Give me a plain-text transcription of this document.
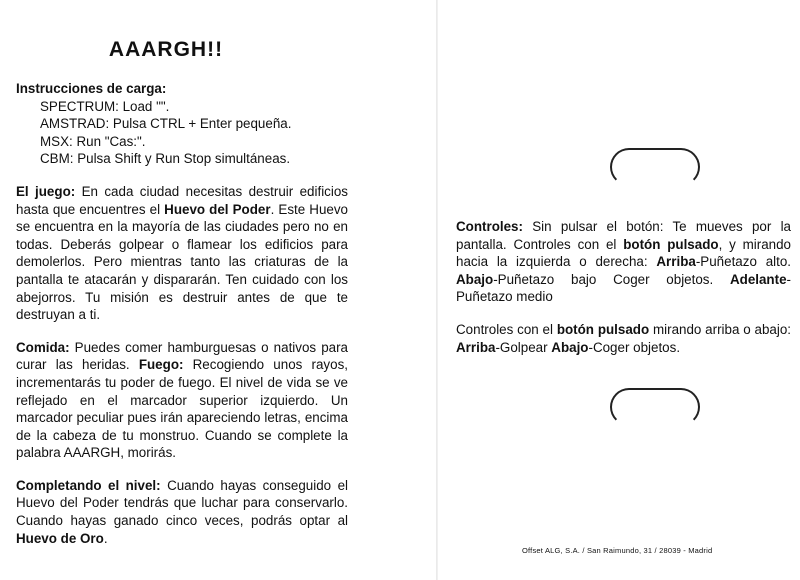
AAARGH!!
Instrucciones de carga:
SPECTRUM: Load "".
AMSTRAD: Pulsa CTRL + Enter pequeña.
MSX: Run "Cas:".
CBM: Pulsa Shift y Run Stop simultáneas.

El juego: En cada ciudad necesitas destruir edificios hasta que encuentres el Huevo del Poder. Este Huevo se encuentra en la mayoría de las ciudades pero no en todas. Deberás golpear o flamear los edificios para demolerlos. Pero mientras tanto las criaturas de la pantalla te atacarán y dispararán. Ten cuidado con los abejorros. Tu misión es destruir antes de que te destruyan a ti.

Comida: Puedes comer hamburguesas o nativos para curar las heridas. Fuego: Recogiendo unos rayos, incrementarás tu poder de fuego. El nivel de vida se ve reflejado en el marcador superior izquierdo. Un marcador peculiar pues irán apareciendo letras, encima de la cabeza de tu monstruo. Cuando se complete la palabra AAARGH, morirás.

Completando el nivel: Cuando hayas conseguido el Huevo del Poder tendrás que luchar para conservarlo. Cuando hayas ganado cinco veces, podrás optar al Huevo de Oro.

Controles: Sin pulsar el botón: Te mueves por la pantalla. Controles con el botón pulsado, y mirando hacia la izquierda o derecha: Arriba-Puñetazo alto. Abajo-Puñetazo bajo Coger objetos. Adelante-Puñetazo medio

Controles con el botón pulsado mirando arriba o abajo: Arriba-Golpear Abajo-Coger objetos.

Offset ALG, S.A. / San Raimundo, 31 / 28039 - Madrid
